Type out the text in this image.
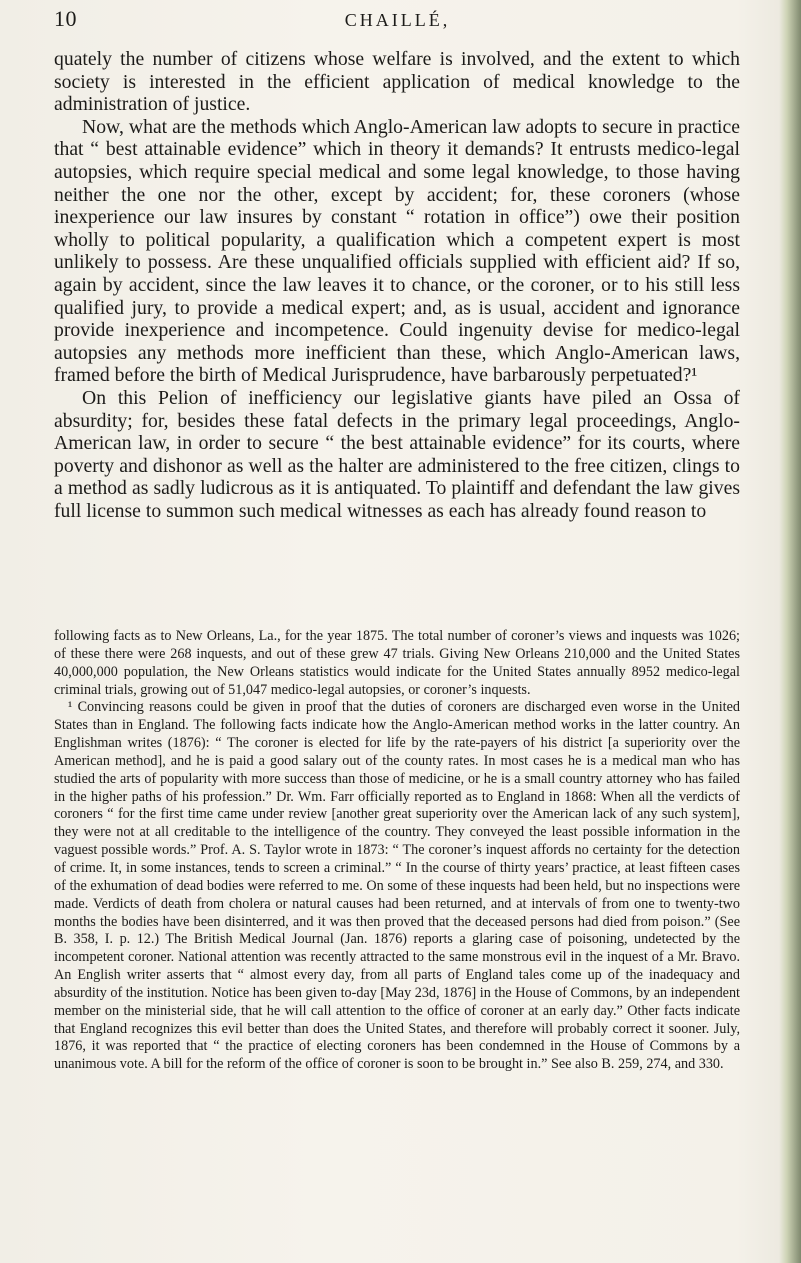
10	CHAILLÉ,

quately the number of citizens whose welfare is involved, and the extent to which society is interested in the efficient application of medical knowledge to the administration of justice.

Now, what are the methods which Anglo-American law adopts to secure in practice that “ best attainable evidence” which in theory it demands? It entrusts medico-legal autopsies, which require special medical and some legal knowledge, to those having neither the one nor the other, except by accident; for, these coroners (whose inexperience our law insures by constant “ rotation in office”) owe their position wholly to political popularity, a qualification which a competent expert is most unlikely to possess. Are these unqualified officials supplied with efficient aid? If so, again by accident, since the law leaves it to chance, or the coroner, or to his still less qualified jury, to provide a medical expert; and, as is usual, accident and ignorance provide inexperience and incompetence. Could ingenuity devise for medico-legal autopsies any methods more inefficient than these, which Anglo-American laws, framed before the birth of Medical Jurisprudence, have barbarously perpetuated?¹

On this Pelion of inefficiency our legislative giants have piled an Ossa of absurdity; for, besides these fatal defects in the primary legal proceedings, Anglo-American law, in order to secure “ the best attainable evidence” for its courts, where poverty and dishonor as well as the halter are administered to the free citizen, clings to a method as sadly ludicrous as it is antiquated. To plaintiff and defendant the law gives full license to summon such medical witnesses as each has already found reason to

following facts as to New Orleans, La., for the year 1875. The total number of coroner’s views and inquests was 1026; of these there were 268 inquests, and out of these grew 47 trials. Giving New Orleans 210,000 and the United States 40,000,000 population, the New Orleans statistics would indicate for the United States annually 8952 medico-legal criminal trials, growing out of 51,047 medico-legal autopsies, or coroner’s inquests.

¹ Convincing reasons could be given in proof that the duties of coroners are discharged even worse in the United States than in England. The following facts indicate how the Anglo-American method works in the latter country. An Englishman writes (1876): “ The coroner is elected for life by the rate-payers of his district [a superiority over the American method], and he is paid a good salary out of the county rates. In most cases he is a medical man who has studied the arts of popularity with more success than those of medicine, or he is a small country attorney who has failed in the higher paths of his profession.” Dr. Wm. Farr officially reported as to England in 1868: When all the verdicts of coroners “ for the first time came under review [another great superiority over the American lack of any such system], they were not at all creditable to the intelligence of the country. They conveyed the least possible information in the vaguest possible words.” Prof. A. S. Taylor wrote in 1873: “ The coroner’s inquest affords no certainty for the detection of crime. It, in some instances, tends to screen a criminal.” “ In the course of thirty years’ practice, at least fifteen cases of the exhumation of dead bodies were referred to me. On some of these inquests had been held, but no inspections were made. Verdicts of death from cholera or natural causes had been returned, and at intervals of from one to twenty-two months the bodies have been disinterred, and it was then proved that the deceased persons had died from poison.” (See B. 358, I. p. 12.) The British Medical Journal (Jan. 1876) reports a glaring case of poisoning, undetected by the incompetent coroner. National attention was recently attracted to the same monstrous evil in the inquest of a Mr. Bravo. An English writer asserts that “ almost every day, from all parts of England tales come up of the inadequacy and absurdity of the institution. Notice has been given to-day [May 23d, 1876] in the House of Commons, by an independent member on the ministerial side, that he will call attention to the office of coroner at an early day.” Other facts indicate that England recognizes this evil better than does the United States, and therefore will probably correct it sooner. July, 1876, it was reported that “ the practice of electing coroners has been condemned in the House of Commons by a unanimous vote. A bill for the reform of the office of coroner is soon to be brought in.” See also B. 259, 274, and 330.
